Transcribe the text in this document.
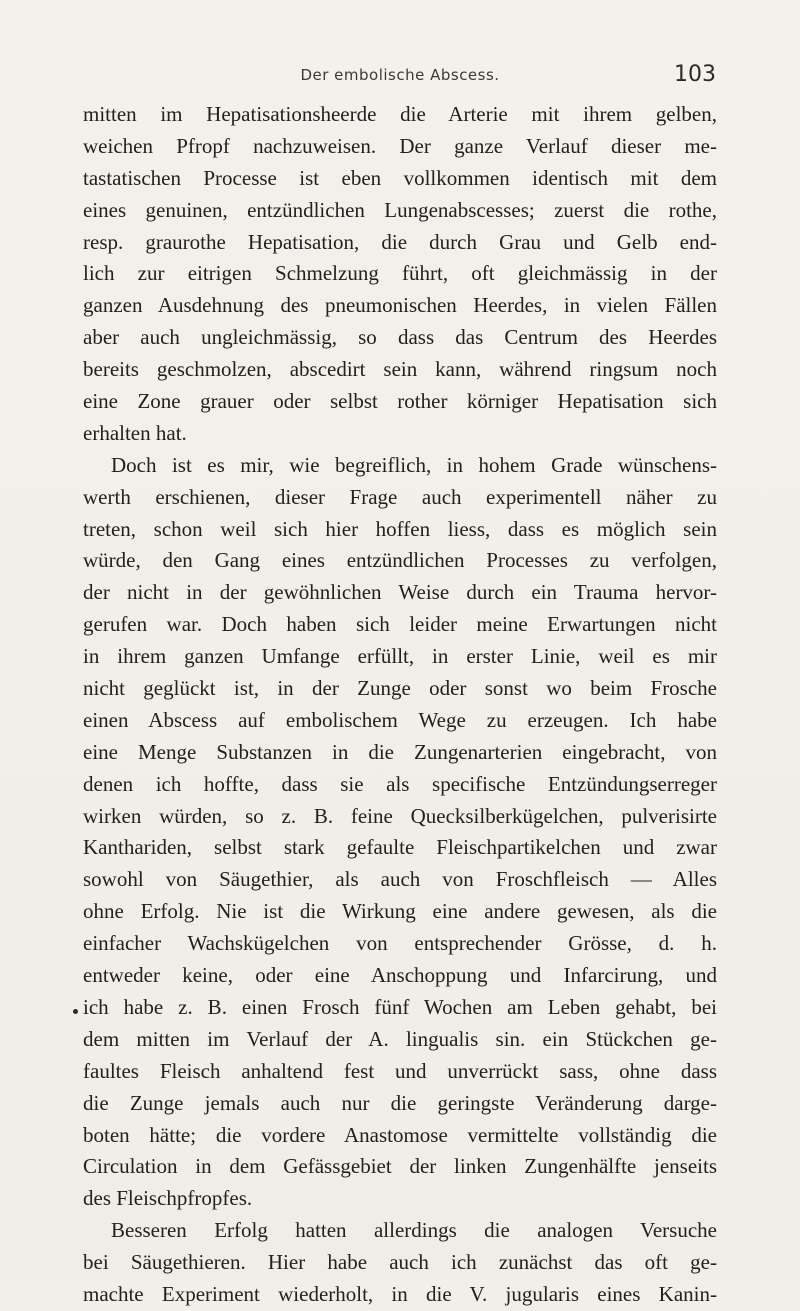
Der embolische Abscess.	103
mitten im Hepatisationsheerde die Arterie mit ihrem gelben,
weichen Pfropf nachzuweisen. Der ganze Verlauf dieser me-
tastatischen Processe ist eben vollkommen identisch mit dem
eines genuinen, entzündlichen Lungenabscesses; zuerst die rothe,
resp. graurothe Hepatisation, die durch Grau und Gelb end-
lich zur eitrigen Schmelzung führt, oft gleichmässig in der
ganzen Ausdehnung des pneumonischen Heerdes, in vielen Fällen
aber auch ungleichmässig, so dass das Centrum des Heerdes
bereits geschmolzen, abscedirt sein kann, während ringsum noch
eine Zone grauer oder selbst rother körniger Hepatisation sich
erhalten hat.
Doch ist es mir, wie begreiflich, in hohem Grade wünschens-
werth erschienen, dieser Frage auch experimentell näher zu
treten, schon weil sich hier hoffen liess, dass es möglich sein
würde, den Gang eines entzündlichen Processes zu verfolgen,
der nicht in der gewöhnlichen Weise durch ein Trauma hervor-
gerufen war. Doch haben sich leider meine Erwartungen nicht
in ihrem ganzen Umfange erfüllt, in erster Linie, weil es mir
nicht geglückt ist, in der Zunge oder sonst wo beim Frosche
einen Abscess auf embolischem Wege zu erzeugen. Ich habe
eine Menge Substanzen in die Zungenarterien eingebracht, von
denen ich hoffte, dass sie als specifische Entzündungserreger
wirken würden, so z. B. feine Quecksilberkügelchen, pulverisirte
Kanthariden, selbst stark gefaulte Fleischpartikelchen und zwar
sowohl von Säugethier, als auch von Froschfleisch — Alles
ohne Erfolg. Nie ist die Wirkung eine andere gewesen, als die
einfacher Wachskügelchen von entsprechender Grösse, d. h.
entweder keine, oder eine Anschoppung und Infarcirung, und
ich habe z. B. einen Frosch fünf Wochen am Leben gehabt, bei
dem mitten im Verlauf der A. lingualis sin. ein Stückchen ge-
faultes Fleisch anhaltend fest und unverrückt sass, ohne dass
die Zunge jemals auch nur die geringste Veränderung darge-
boten hätte; die vordere Anastomose vermittelte vollständig die
Circulation in dem Gefässgebiet der linken Zungenhälfte jenseits
des Fleischpfropfes.
Besseren Erfolg hatten allerdings die analogen Versuche
bei Säugethieren. Hier habe auch ich zunächst das oft ge-
machte Experiment wiederholt, in die V. jugularis eines Kanin-
